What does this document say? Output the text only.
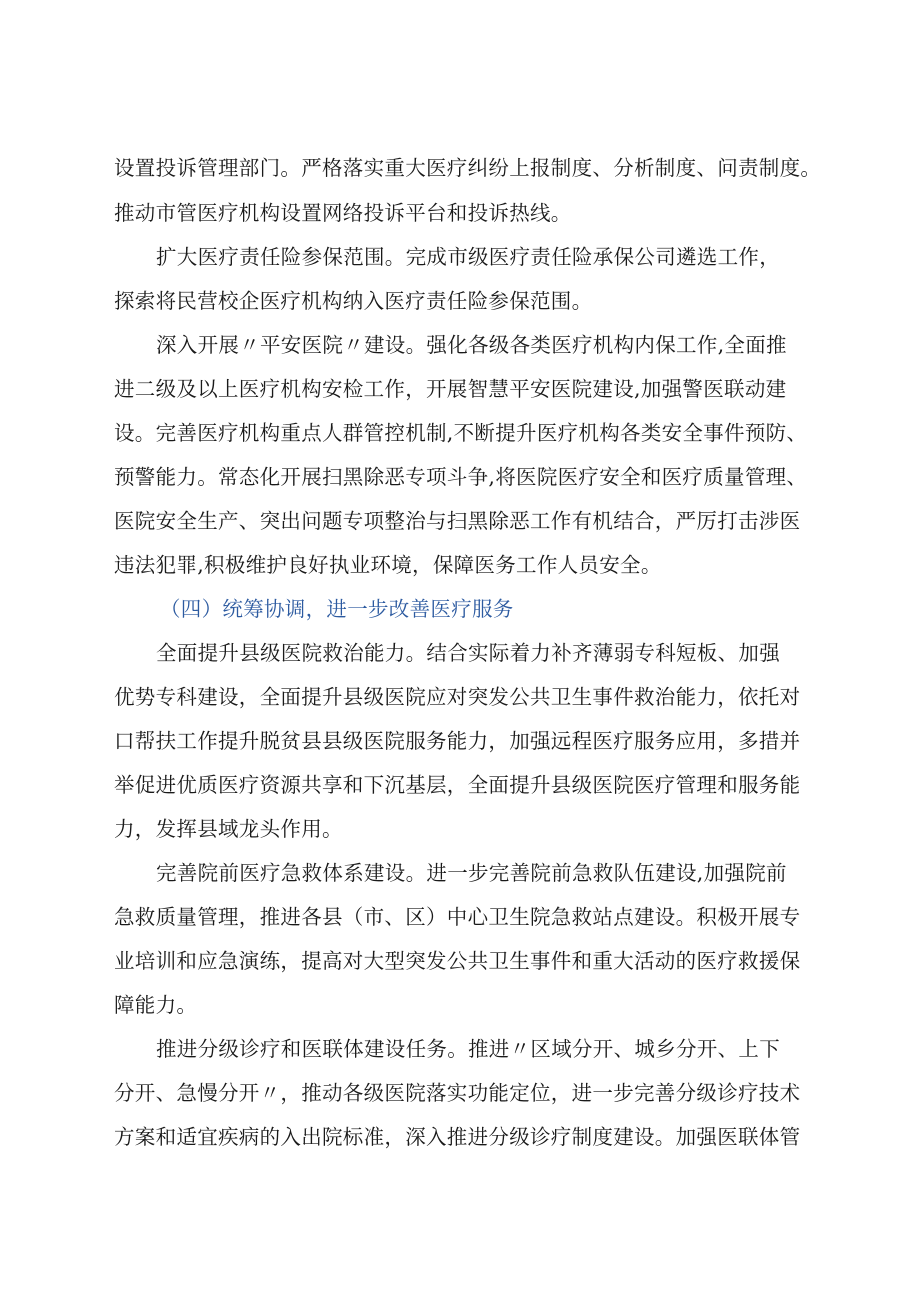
设置投诉管理部门。严格落实重大医疗纠纷上报制度、分析制度、问责制度。
推动市管医疗机构设置网络投诉平台和投诉热线。
扩大医疗责任险参保范围。完成市级医疗责任险承保公司遴选工作，
探索将民营校企医疗机构纳入医疗责任险参保范围。
深入开展〃平安医院〃建设。强化各级各类医疗机构内保工作,全面推
进二级及以上医疗机构安检工作，开展智慧平安医院建设,加强警医联动建
设。完善医疗机构重点人群管控机制,不断提升医疗机构各类安全事件预防、
预警能力。常态化开展扫黑除恶专项斗争,将医院医疗安全和医疗质量管理、
医院安全生产、突出问题专项整治与扫黑除恶工作有机结合，严厉打击涉医
违法犯罪,积极维护良好执业环境，保障医务工作人员安全。
（四）统筹协调，进一步改善医疗服务
全面提升县级医院救治能力。结合实际着力补齐薄弱专科短板、加强
优势专科建设，全面提升县级医院应对突发公共卫生事件救治能力，依托对
口帮扶工作提升脱贫县县级医院服务能力，加强远程医疗服务应用，多措并
举促进优质医疗资源共享和下沉基层，全面提升县级医院医疗管理和服务能
力，发挥县域龙头作用。
完善院前医疗急救体系建设。进一步完善院前急救队伍建设,加强院前
急救质量管理，推进各县（市、区）中心卫生院急救站点建设。积极开展专
业培训和应急演练，提高对大型突发公共卫生事件和重大活动的医疗救援保
障能力。
推进分级诊疗和医联体建设任务。推进〃区域分开、城乡分开、上下
分开、急慢分开〃，推动各级医院落实功能定位，进一步完善分级诊疗技术
方案和适宜疾病的入出院标准，深入推进分级诊疗制度建设。加强医联体管
